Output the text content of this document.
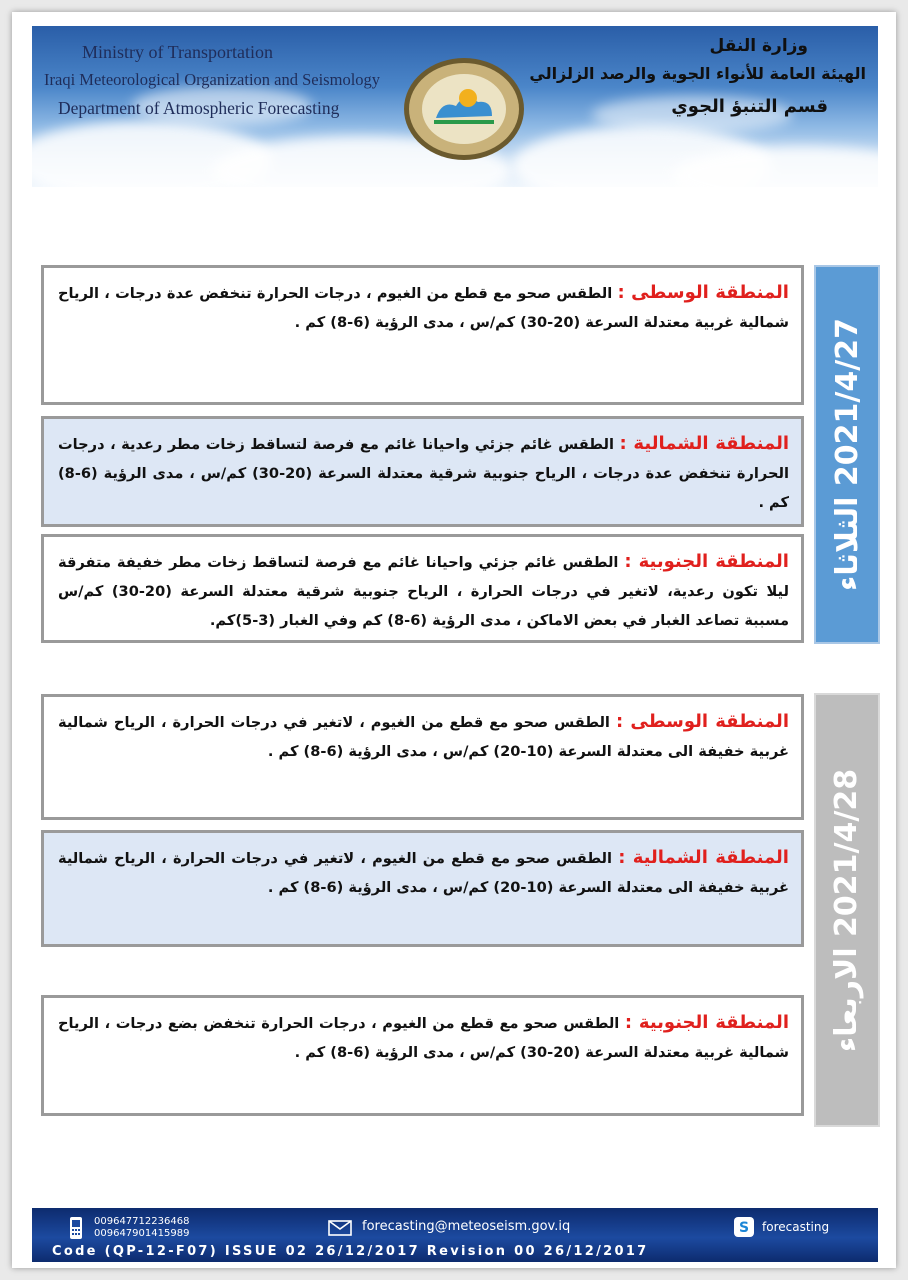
Ministry of Transportation
Iraqi Meteorological Organization and Seismology
Department of Atmospheric Forecasting
وزارة النقل
الهيئة العامة للأنواء الجوية والرصد الزلزالي
قسم التنبؤ الجوي
2021/4/27 الثلاثاء

المنطقة الوسطى : الطقس صحو مع قطع من الغيوم ، درجات الحرارة تنخفض عدة درجات ، الرياح شمالية غربية معتدلة السرعة (20-30) كم/س ، مدى الرؤية (6-8) كم .

المنطقة الشمالية : الطقس غائم جزئي واحيانا غائم مع فرصة لتساقط زخات مطر رعدية ، درجات الحرارة تنخفض عدة درجات ، الرياح جنوبية شرقية معتدلة السرعة (20-30) كم/س ، مدى الرؤية (6-8) كم .

المنطقة الجنوبية : الطقس غائم جزئي واحيانا غائم مع فرصة لتساقط زخات مطر خفيفة متفرقة ليلا تكون رعدية، لاتغير في درجات الحرارة ، الرياح جنوبية شرقية معتدلة السرعة (20-30) كم/س مسببة تصاعد الغبار في بعض الاماكن ، مدى الرؤية (6-8) كم وفي الغبار (3-5)كم.

2021/4/28 الاربعاء

المنطقة الوسطى : الطقس صحو مع قطع من الغيوم ، لاتغير في درجات الحرارة ، الرياح شمالية غربية خفيفة الى معتدلة السرعة (10-20) كم/س ، مدى الرؤية (6-8) كم .

المنطقة الشمالية : الطقس صحو مع قطع من الغيوم ، لاتغير في درجات الحرارة ، الرياح شمالية غربية خفيفة الى معتدلة السرعة (10-20) كم/س ، مدى الرؤية (6-8) كم .

المنطقة الجنوبية : الطقس صحو مع قطع من الغيوم ، درجات الحرارة تنخفض بضع درجات ، الرياح شمالية غربية معتدلة السرعة (20-30) كم/س ، مدى الرؤية (6-8) كم .

009647712236468
009647901415989	forecasting@meteoseism.gov.iq	S forecasting
Code (QP-12-F07) ISSUE 02 26/12/2017 Revision 00 26/12/2017
